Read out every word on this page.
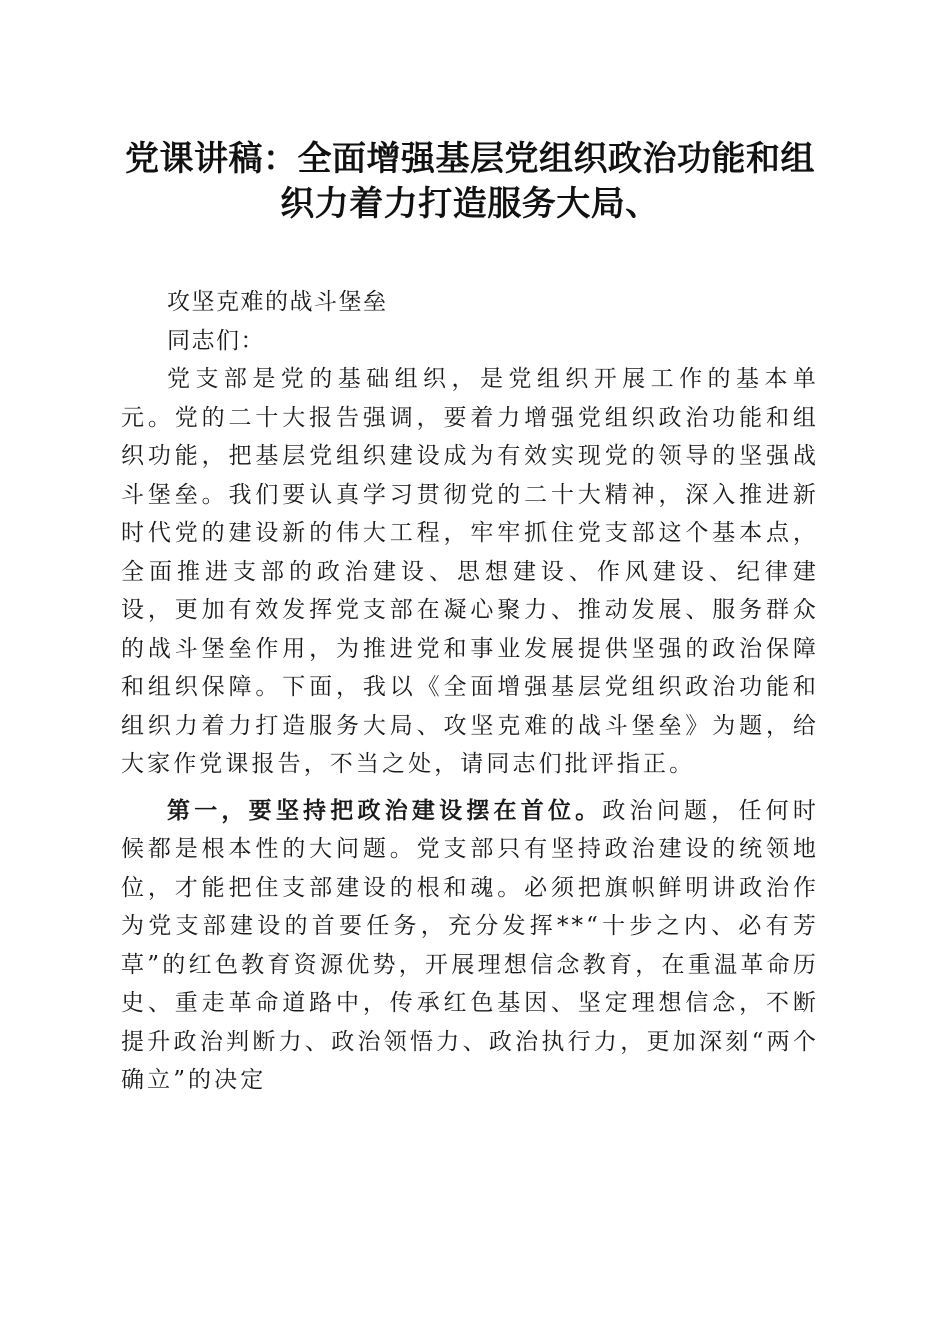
党课讲稿：全面增强基层党组织政治功能和组
织力着力打造服务大局、

攻坚克难的战斗堡垒

同志们：

党支部是党的基础组织，是党组织开展工作的基本单元。党的二十大报告强调，要着力增强党组织政治功能和组织功能，把基层党组织建设成为有效实现党的领导的坚强战斗堡垒。我们要认真学习贯彻党的二十大精神，深入推进新时代党的建设新的伟大工程，牢牢抓住党支部这个基本点，全面推进支部的政治建设、思想建设、作风建设、纪律建设，更加有效发挥党支部在凝心聚力、推动发展、服务群众的战斗堡垒作用，为推进党和事业发展提供坚强的政治保障和组织保障。下面，我以《全面增强基层党组织政治功能和组织力着力打造服务大局、攻坚克难的战斗堡垒》为题，给大家作党课报告，不当之处，请同志们批评指正。

第一，要坚持把政治建设摆在首位。政治问题，任何时候都是根本性的大问题。党支部只有坚持政治建设的统领地位，才能把住支部建设的根和魂。必须把旗帜鲜明讲政治作为党支部建设的首要任务，充分发挥**“十步之内、必有芳草”的红色教育资源优势，开展理想信念教育，在重温革命历史、重走革命道路中，传承红色基因、坚定理想信念，不断提升政治判断力、政治领悟力、政治执行力，更加深刻“两个确立”的决定
